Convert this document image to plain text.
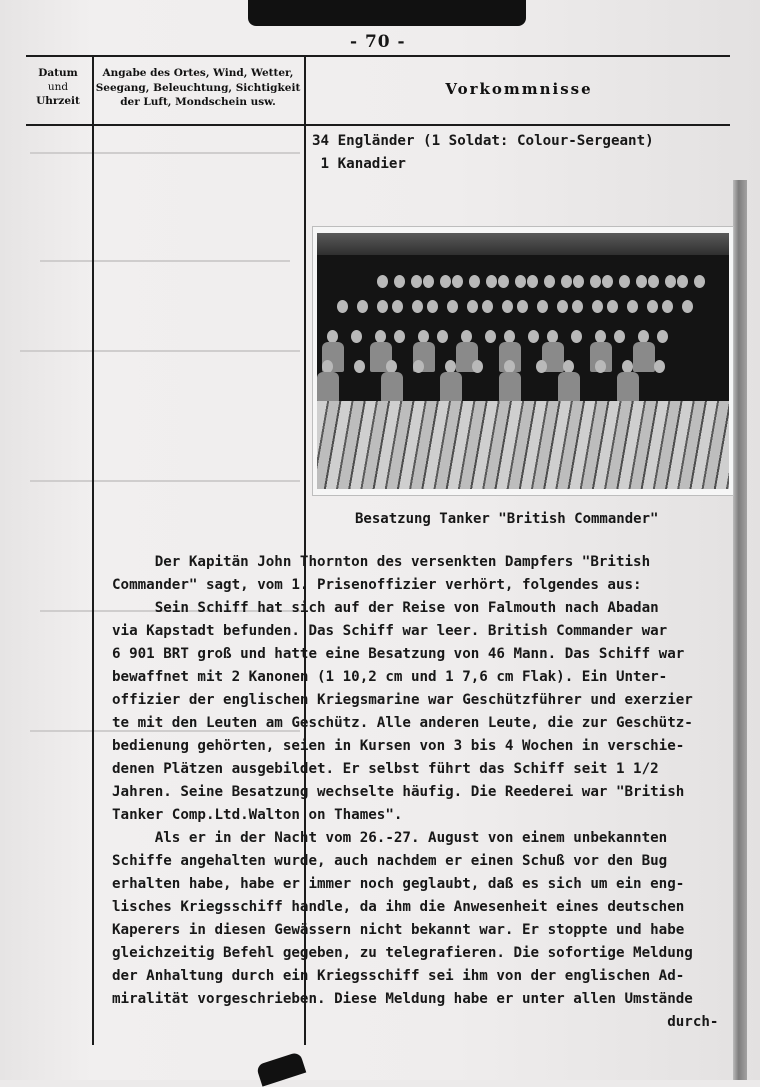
- 70 -
Datum
und
Uhrzeit
Angabe des Ortes, Wind, Wetter,
Seegang, Beleuchtung, Sichtigkeit
der Luft, Mondschein usw.
Vorkommnisse
34 Engländer (1 Soldat: Colour-Sergeant)
1 Kanadier
Besatzung Tanker "British Commander"
Der Kapitän John Thornton des versenkten Dampfers "British
Commander" sagt, vom 1. Prisenoffizier verhört, folgendes aus:
Sein Schiff hat sich auf der Reise von Falmouth nach Abadan
via Kapstadt befunden. Das Schiff war leer. British Commander war
6 901 BRT groß und hatte eine Besatzung von 46 Mann. Das Schiff war
bewaffnet mit 2 Kanonen (1 10,2 cm und 1 7,6 cm Flak). Ein Unter-
offizier der englischen Kriegsmarine war Geschützführer und exerzier
te mit den Leuten am Geschütz. Alle anderen Leute, die zur Geschütz-
bedienung gehörten, seien in Kursen von 3 bis 4 Wochen in verschie-
denen Plätzen ausgebildet. Er selbst führt das Schiff seit 1 1/2
Jahren. Seine Besatzung wechselte häufig. Die Reederei war "British
Tanker Comp.Ltd.Walton on Thames".
Als er in der Nacht vom 26.-27. August von einem unbekannten
Schiffe angehalten wurde, auch nachdem er einen Schuß vor den Bug
erhalten habe, habe er immer noch geglaubt, daß es sich um ein eng-
lisches Kriegsschiff handle, da ihm die Anwesenheit eines deutschen
Kaperers in diesen Gewässern nicht bekannt war. Er stoppte und habe
gleichzeitig Befehl gegeben, zu telegrafieren. Die sofortige Meldung
der Anhaltung durch ein Kriegsschiff sei ihm von der englischen Ad-
miralität vorgeschrieben. Diese Meldung habe er unter allen Umstände
durch-
